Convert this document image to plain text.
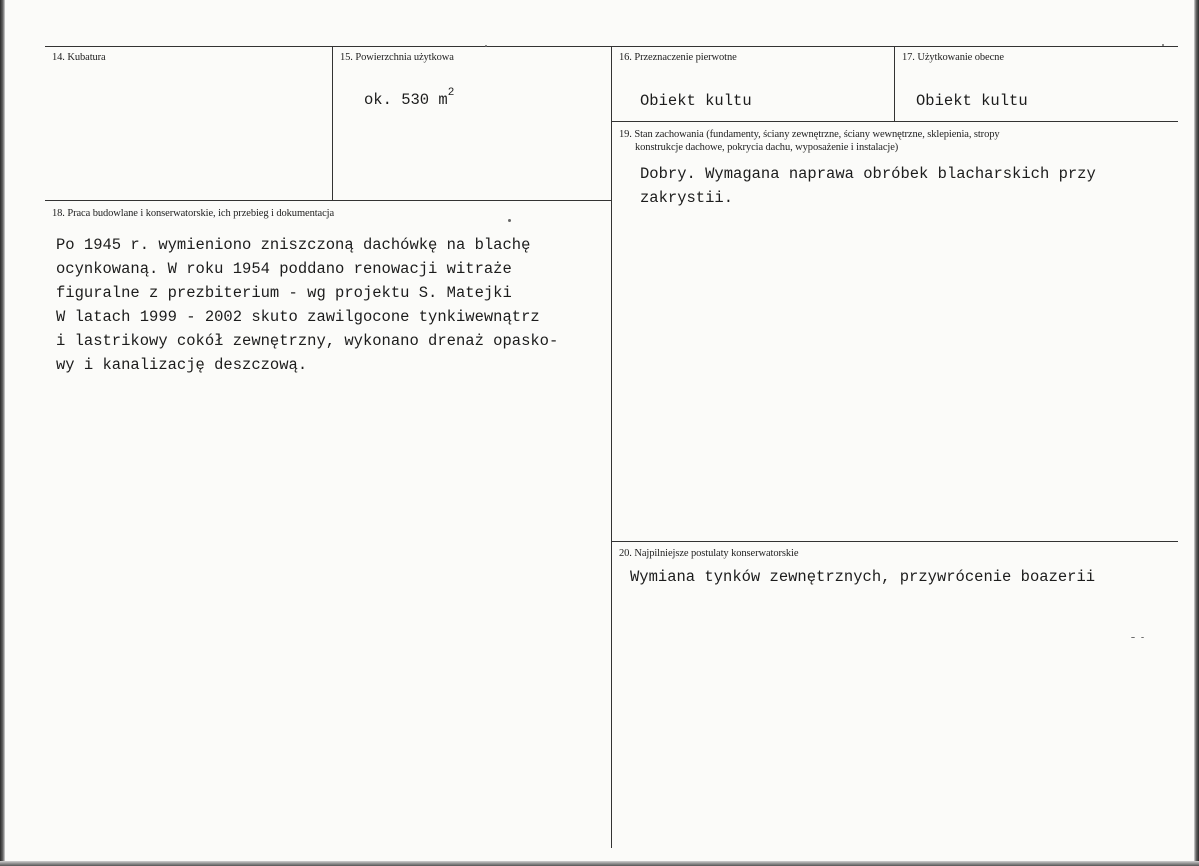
14. Kubatura	15. Powierzchnia użytkowa
ok. 530 $m^2$
16. Przeznaczenie pierwotne
Obiekt kultu
17. Użytkowanie obecne
Obiekt kultu
18. Praca budowlane i konserwatorskie, ich przebieg i dokumentacja
Po 1945 r. wymieniono zniszczoną dachówkę na blachę
ocynkowaną. W roku 1954 poddano renowacji witraże
figuralne z prezbiterium - wg projektu S. Matejki
W latach 1999 - 2002 skuto zawilgocone tynkiwewnątrz
i lastrikowy cokół zewnętrzny, wykonano drenaż opasko-
wy i kanalizację deszczową.
19. Stan zachowania (fundamenty, ściany zewnętrzne, ściany wewnętrzne, sklepienia, stropy
konstrukcje dachowe, pokrycia dachu, wyposażenie i instalacje)
Dobry. Wymagana naprawa obróbek blacharskich przy
zakrystii.
20. Najpilniejsze postulaty konserwatorskie
Wymiana tynków zewnętrznych, przywrócenie boazerii
